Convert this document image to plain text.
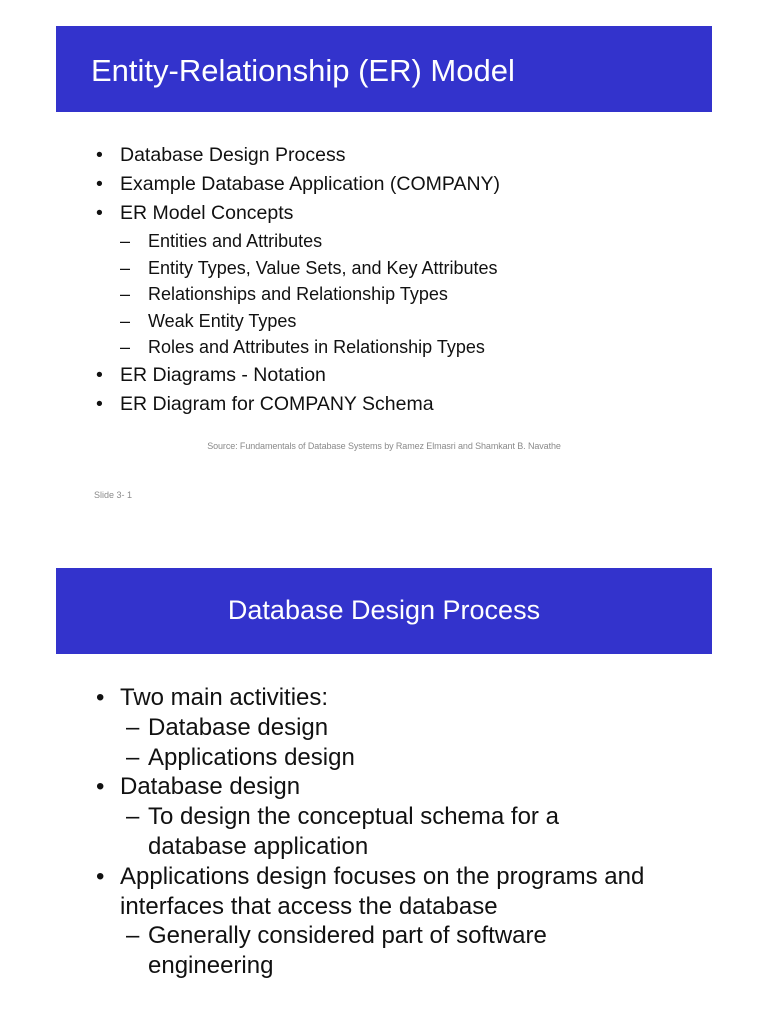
Entity-Relationship (ER) Model
• Database Design Process
• Example Database Application (COMPANY)
• ER Model Concepts
– Entities and Attributes
– Entity Types, Value Sets, and Key Attributes
– Relationships and Relationship Types
– Weak Entity Types
– Roles and Attributes in Relationship Types
• ER Diagrams - Notation
• ER Diagram for COMPANY Schema
Source: Fundamentals of Database Systems by Ramez Elmasri and Shamkant B. Navathe
Slide 3- 1
Database Design Process
• Two main activities:
– Database design
– Applications design
• Database design
– To design the conceptual schema for a
database application
• Applications design focuses on the programs and
interfaces that access the database
– Generally considered part of software
engineering
